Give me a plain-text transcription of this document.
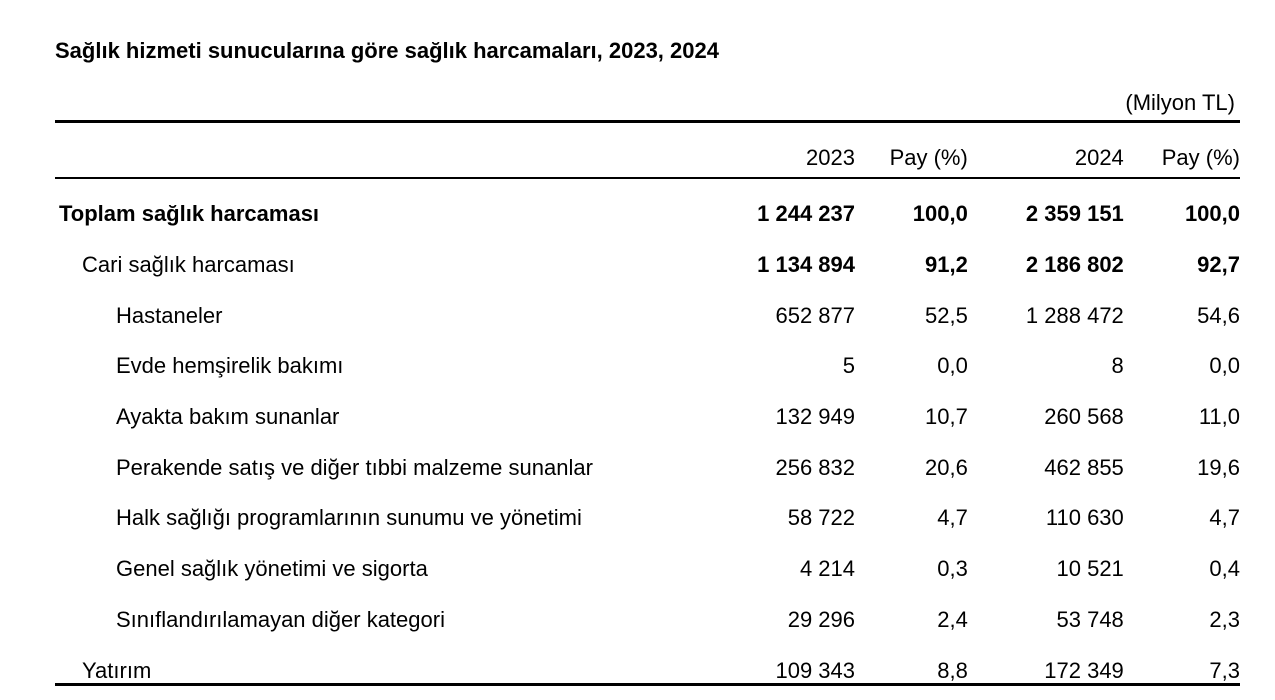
Sağlık hizmeti sunucularına göre sağlık harcamaları, 2023, 2024
(Milyon TL)
	2023	Pay (%)	2024	Pay (%)

Toplam sağlık harcaması	1 244 237	100,0	2 359 151	100,0
Cari sağlık harcaması	1 134 894	91,2	2 186 802	92,7
Hastaneler	652 877	52,5	1 288 472	54,6
Evde hemşirelik bakımı	5	0,0	8	0,0
Ayakta bakım sunanlar	132 949	10,7	260 568	11,0
Perakende satış ve diğer tıbbi malzeme sunanlar	256 832	20,6	462 855	19,6
Halk sağlığı programlarının sunumu ve yönetimi	58 722	4,7	110 630	4,7
Genel sağlık yönetimi ve sigorta	4 214	0,3	10 521	0,4
Sınıflandırılamayan diğer kategori	29 296	2,4	53 748	2,3
Yatırım	109 343	8,8	172 349	7,3
